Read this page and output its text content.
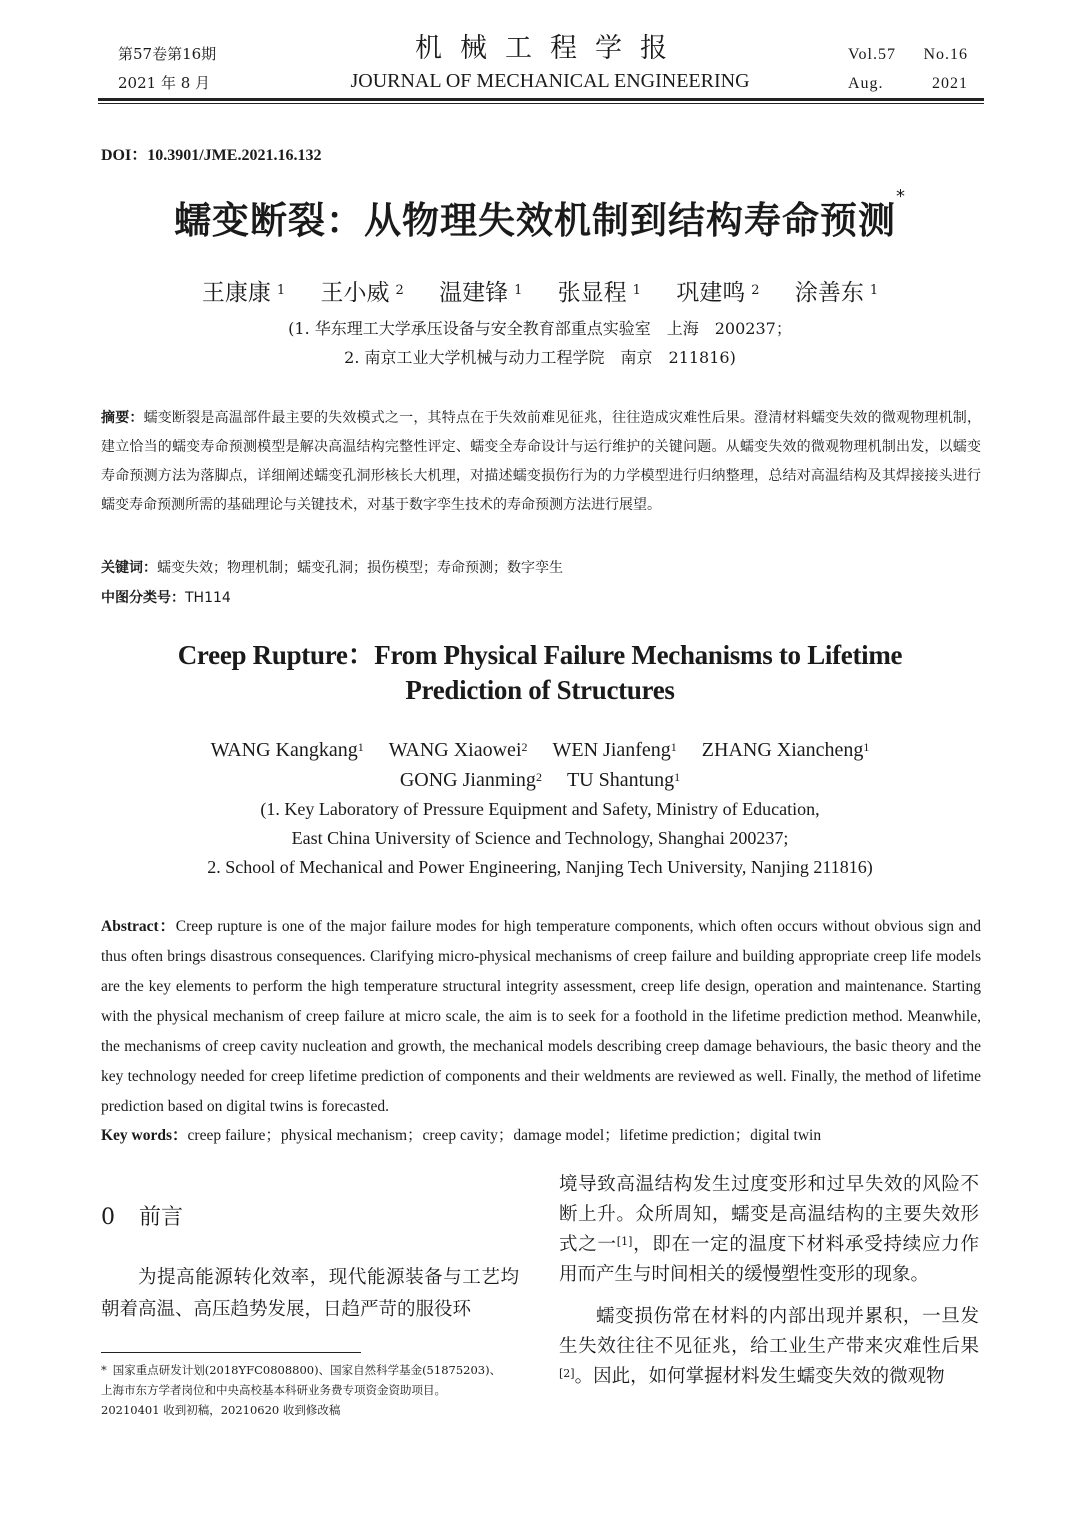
第57卷第16期
2021 年 8 月
机械工程学报
JOURNAL OF MECHANICAL ENGINEERING
Vol.57 No.16
Aug.	2021
DOI：10.3901/JME.2021.16.132
蠕变断裂：从物理失效机制到结构寿命预测*
王康康 $^1$ 王小威 $^2$ 温建锋 $^1$ 张显程 $^1$ 巩建鸣 $^2$ 涂善东 $^1$
(1. 华东理工大学承压设备与安全教育部重点实验室　上海　200237；
2. 南京工业大学机械与动力工程学院　南京　211816)
摘要：蠕变断裂是高温部件最主要的失效模式之一，其特点在于失效前难见征兆，往往造成灾难性后果。澄清材料蠕变失效的微观物理机制，建立恰当的蠕变寿命预测模型是解决高温结构完整性评定、蠕变全寿命设计与运行维护的关键问题。从蠕变失效的微观物理机制出发，以蠕变寿命预测方法为落脚点，详细阐述蠕变孔洞形核长大机理，对描述蠕变损伤行为的力学模型进行归纳整理，总结对高温结构及其焊接接头进行蠕变寿命预测所需的基础理论与关键技术，对基于数字孪生技术的寿命预测方法进行展望。
关键词：蠕变失效；物理机制；蠕变孔洞；损伤模型；寿命预测；数字孪生
中图分类号：TH114
Creep Rupture：From Physical Failure Mechanisms to Lifetime Prediction of Structures
WANG Kangkang$^1$ WANG Xiaowei$^2$ WEN Jianfeng$^1$ ZHANG Xiancheng$^1$
GONG Jianming$^2$ TU Shantung$^1$
(1. Key Laboratory of Pressure Equipment and Safety, Ministry of Education,
East China University of Science and Technology, Shanghai 200237;
2. School of Mechanical and Power Engineering, Nanjing Tech University, Nanjing 211816)
Abstract：Creep rupture is one of the major failure modes for high temperature components, which often occurs without obvious sign and thus often brings disastrous consequences. Clarifying micro-physical mechanisms of creep failure and building appropriate creep life models are the key elements to perform the high temperature structural integrity assessment, creep life design, operation and maintenance. Starting with the physical mechanism of creep failure at micro scale, the aim is to seek for a foothold in the lifetime prediction method. Meanwhile, the mechanisms of creep cavity nucleation and growth, the mechanical models describing creep damage behaviours, the basic theory and the key technology needed for creep lifetime prediction of components and their weldments are reviewed as well. Finally, the method of lifetime prediction based on digital twins is forecasted.
Key words：creep failure；physical mechanism；creep cavity；damage model；lifetime prediction；digital twin
0 前言
为提高能源转化效率，现代能源装备与工艺均朝着高温、高压趋势发展，日趋严苛的服役环

境导致高温结构发生过度变形和过早失效的风险不断上升。众所周知，蠕变是高温结构的主要失效形式之一[1]，即在一定的温度下材料承受持续应力作用而产生与时间相关的缓慢塑性变形的现象。

蠕变损伤常在材料的内部出现并累积，一旦发生失效往往不见征兆，给工业生产带来灾难性后果[2]。因此，如何掌握材料发生蠕变失效的微观物

* 国家重点研发计划(2018YFC0808800)、国家自然科学基金(51875203)、
上海市东方学者岗位和中央高校基本科研业务费专项资金资助项目。
20210401 收到初稿，20210620 收到修改稿
